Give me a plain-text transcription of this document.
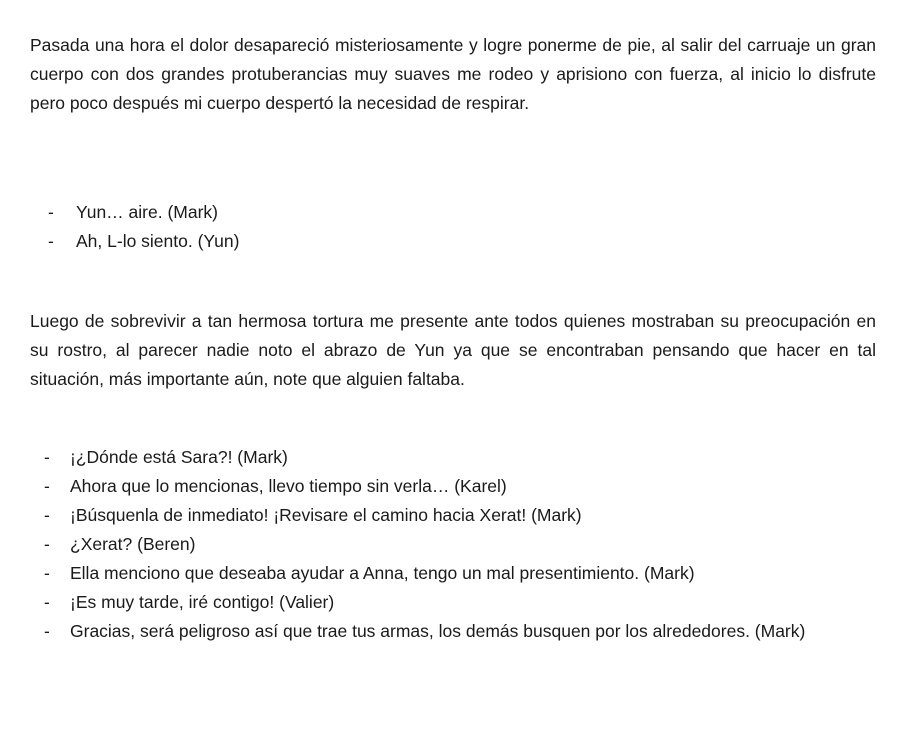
Pasada una hora el dolor desapareció misteriosamente y logre ponerme de pie, al salir del carruaje un gran cuerpo con dos grandes protuberancias muy suaves me rodeo y aprisiono con fuerza, al inicio lo disfrute pero poco después mi cuerpo despertó la necesidad de respirar.

- Yun… aire. (Mark)
- Ah, L-lo siento. (Yun)

Luego de sobrevivir a tan hermosa tortura me presente ante todos quienes mostraban su preocupación en su rostro, al parecer nadie noto el abrazo de Yun ya que se encontraban pensando que hacer en tal situación, más importante aún, note que alguien faltaba.

- ¡¿Dónde está Sara?! (Mark)
- Ahora que lo mencionas, llevo tiempo sin verla… (Karel)
- ¡Búsquenla de inmediato! ¡Revisare el camino hacia Xerat! (Mark)
- ¿Xerat? (Beren)
- Ella menciono que deseaba ayudar a Anna, tengo un mal presentimiento. (Mark)
- ¡Es muy tarde, iré contigo! (Valier)
- Gracias, será peligroso así que trae tus armas, los demás busquen por los alrededores. (Mark)
